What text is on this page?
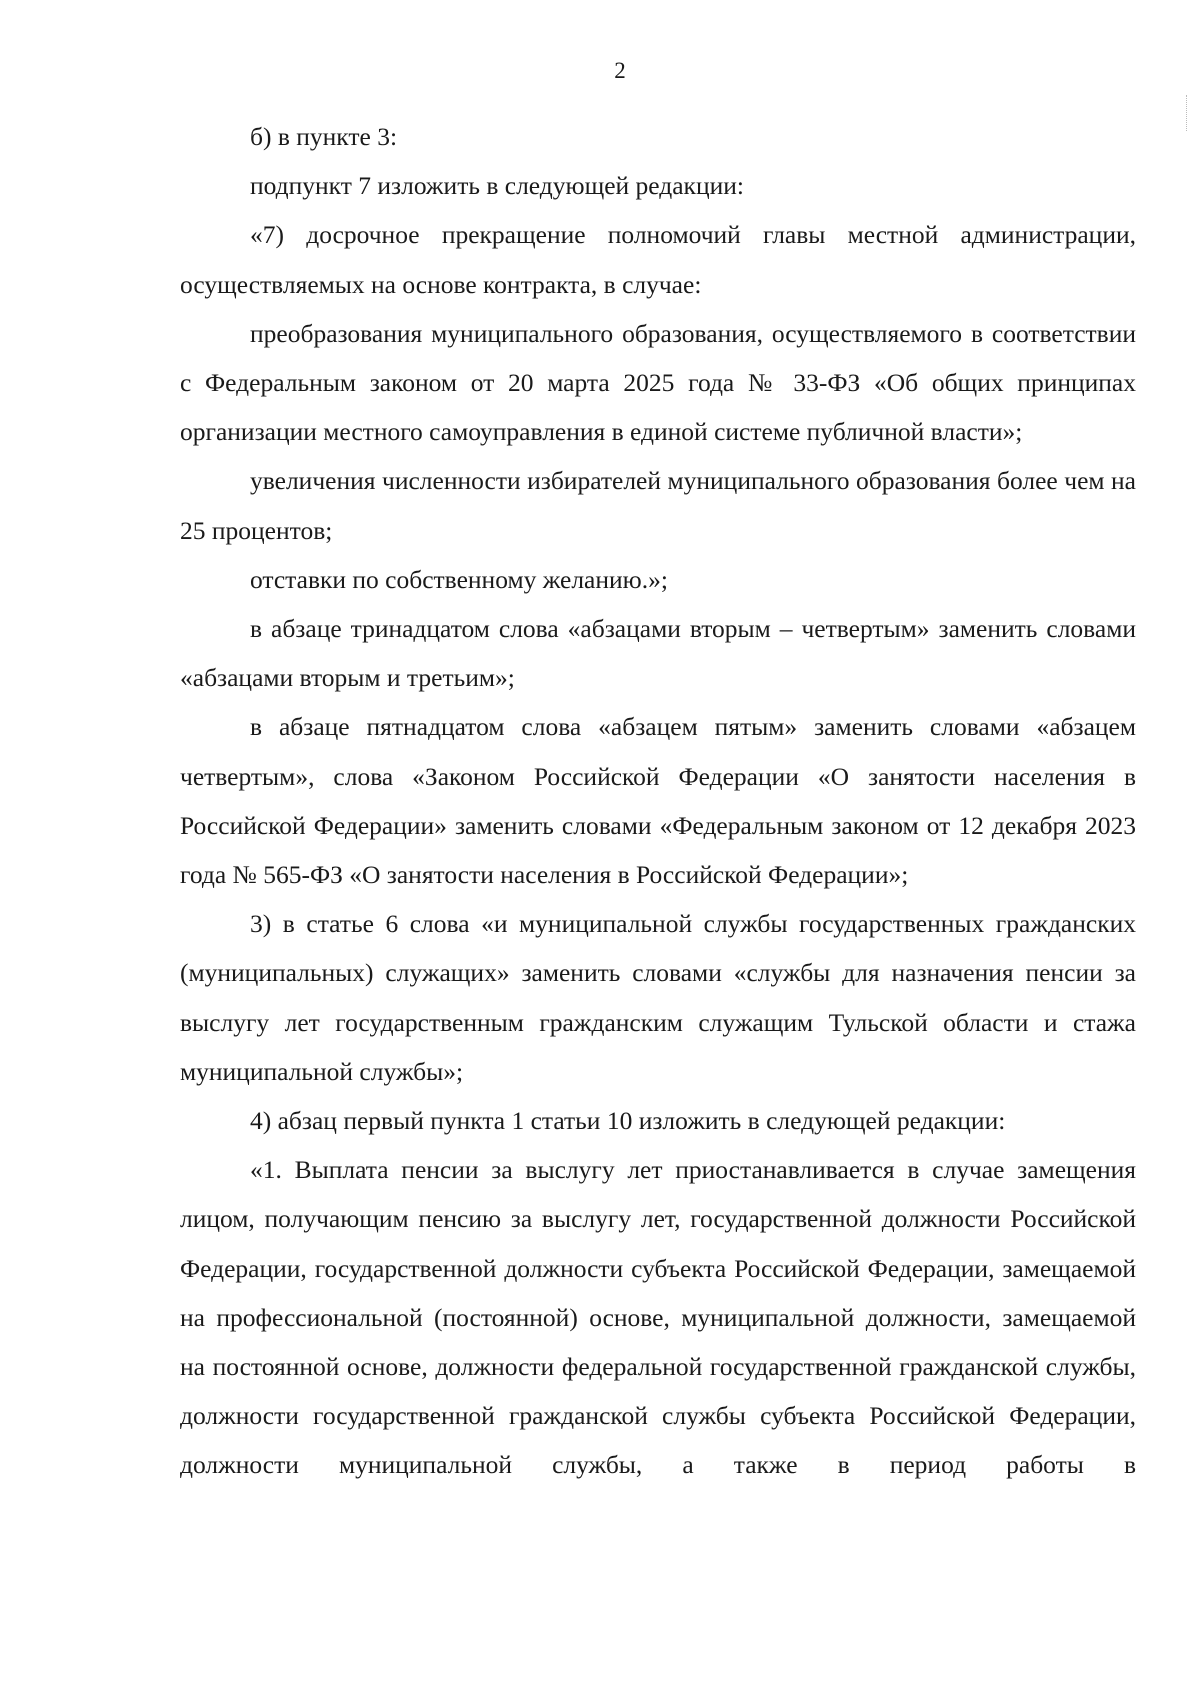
2

б) в пункте 3:

подпункт 7 изложить в следующей редакции:

«7) досрочное прекращение полномочий главы местной администрации, осуществляемых на основе контракта, в случае:

преобразования муниципального образования, осуществляемого в соответствии с Федеральным законом от 20 марта 2025 года № 33-ФЗ «Об общих принципах организации местного самоуправления в единой системе публичной власти»;

увеличения численности избирателей муниципального образования более чем на 25 процентов;

отставки по собственному желанию.»;

в абзаце тринадцатом слова «абзацами вторым – четвертым» заменить словами «абзацами вторым и третьим»;

в абзаце пятнадцатом слова «абзацем пятым» заменить словами «абзацем четвертым», слова «Законом Российской Федерации «О занятости населения в Российской Федерации» заменить словами «Федеральным законом от 12 декабря 2023 года № 565-ФЗ «О занятости населения в Российской Федерации»;

3) в статье 6 слова «и муниципальной службы государственных гражданских (муниципальных) служащих» заменить словами «службы для назначения пенсии за выслугу лет государственным гражданским служащим Тульской области и стажа муниципальной службы»;

4) абзац первый пункта 1 статьи 10 изложить в следующей редакции:

«1. Выплата пенсии за выслугу лет приостанавливается в случае замещения лицом, получающим пенсию за выслугу лет, государственной должности Российской Федерации, государственной должности субъекта Российской Федерации, замещаемой на профессиональной (постоянной) основе, муниципальной должности, замещаемой на постоянной основе, должности федеральной государственной гражданской службы, должности государственной гражданской службы субъекта Российской Федерации, должности муниципальной службы, а также в период работы в
